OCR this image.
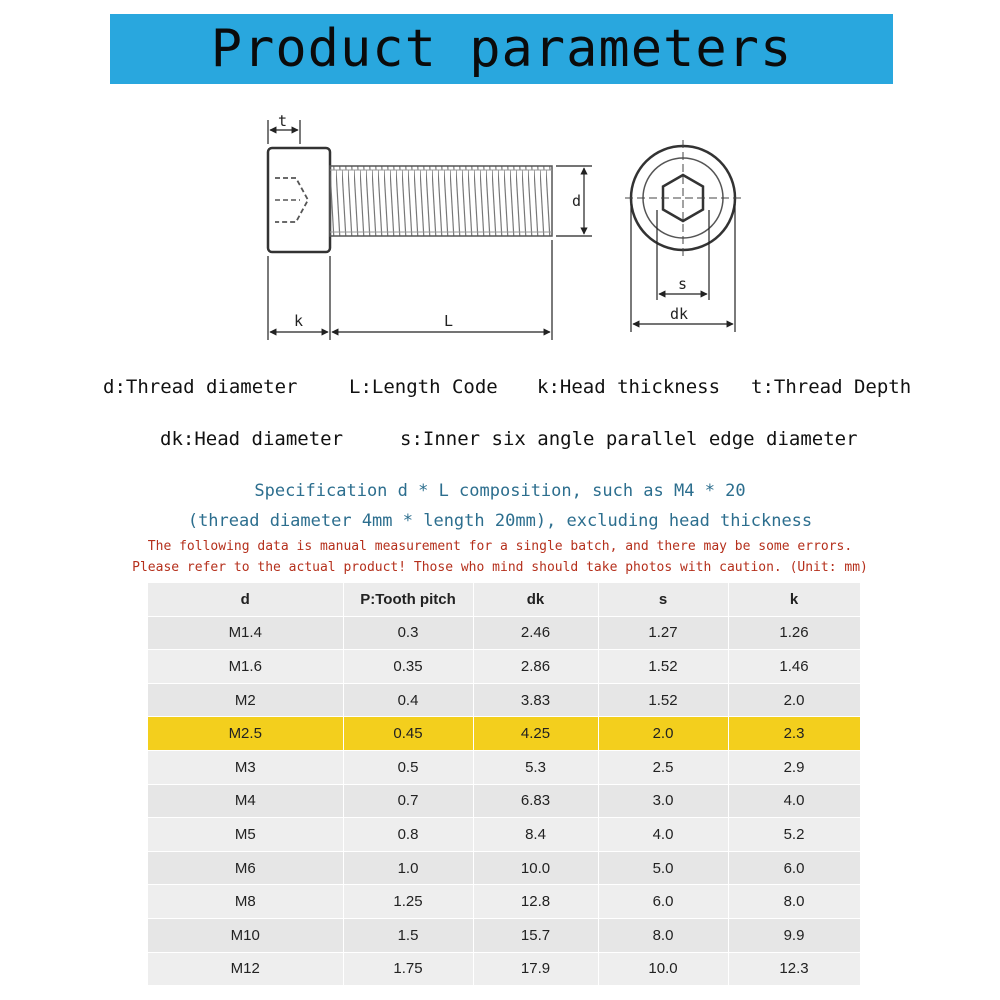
Product parameters
t
d
k	L
s
dk
d:Thread diameter	L:Length Code k:Head thickness t:Thread Depth
dk:Head diameter	s:Inner six angle parallel edge diameter
Specification d * L composition, such as M4 * 20
(thread diameter 4mm * length 20mm), excluding head thickness
The following data is manual measurement for a single batch, and there may be some errors.
Please refer to the actual product! Those who mind should take photos with caution. (Unit: mm)
d	P:Tooth pitch	dk	s	k
M1.4	0.3	2.46	1.27	1.26
M1.6	0.35	2.86	1.52	1.46
M2	0.4	3.83	1.52	2.0
M2.5	0.45	4.25	2.0	2.3
M3	0.5	5.3	2.5	2.9
M4	0.7	6.83	3.0	4.0
M5	0.8	8.4	4.0	5.2
M6	1.0	10.0	5.0	6.0
M8	1.25	12.8	6.0	8.0
M10	1.5	15.7	8.0	9.9
M12	1.75	17.9	10.0	12.3
